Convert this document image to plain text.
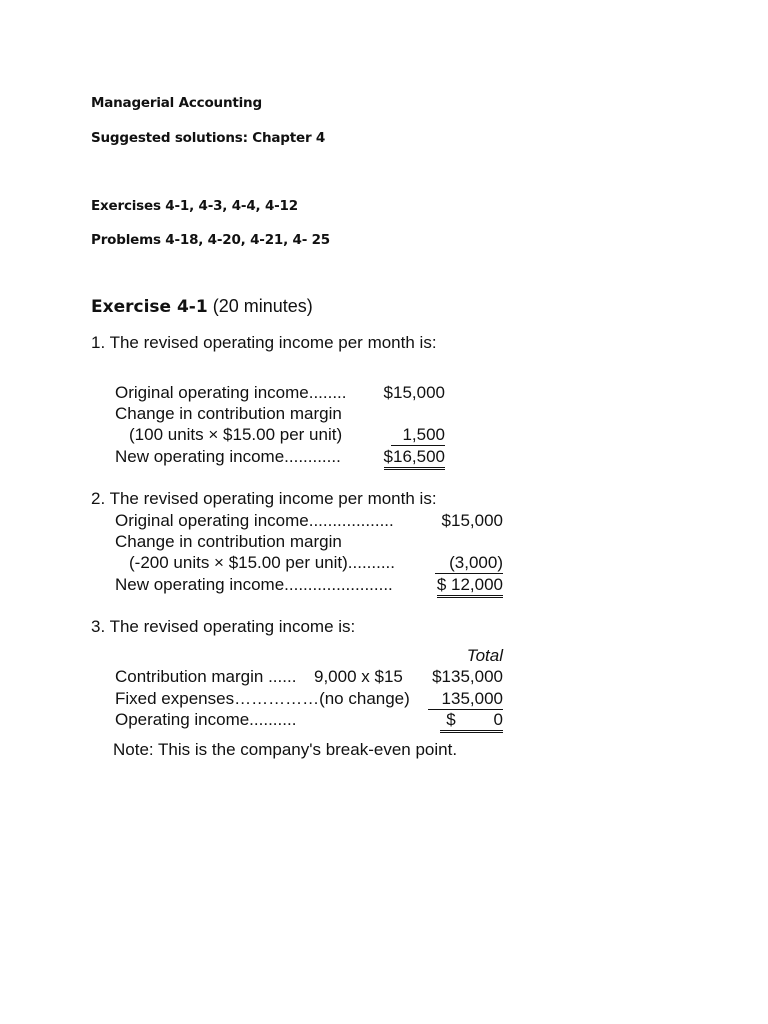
Managerial Accounting
Suggested solutions: Chapter 4
Exercises 4-1, 4-3, 4-4, 4-12
Problems 4-18, 4-20, 4-21, 4- 25
Exercise 4-1 (20 minutes)
1. The revised operating income per month is:
Original operating income........ $15,000
Change in contribution margin
(100 units × $15.00 per unit)	1,500
New operating income............	$16,500
2. The revised operating income per month is:
Original operating income..................	$15,000
Change in contribution margin
(-200 units × $15.00 per unit)..........	(3,000)
New operating income.......................	$ 12,000
3. The revised operating income is:
Total
Contribution margin ...... 9,000 x $15 $135,000
Fixed expenses……………(no change)	135,000
Operating income..........	$        0
Note: This is the company's break-even point.
